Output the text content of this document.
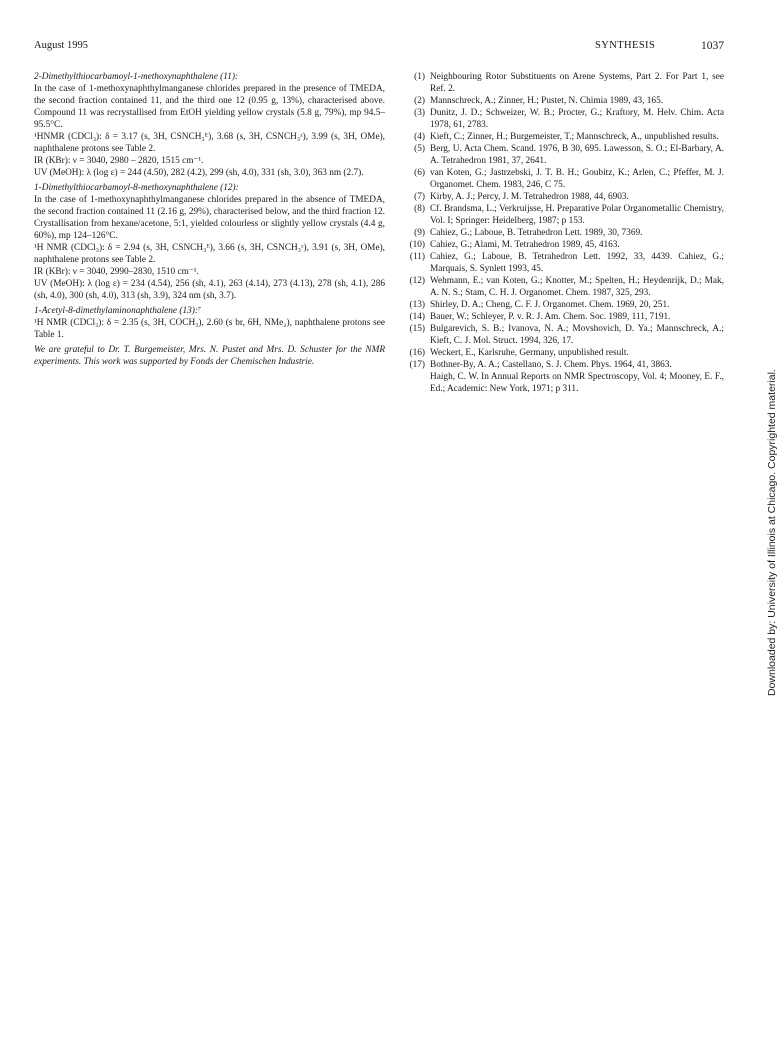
August 1995	SYNTHESIS	1037

2-Dimethylthiocarbamoyl-1-methoxynaphthalene (11):

In the case of 1-methoxynaphthylmanganese chlorides prepared in the presence of TMEDA, the second fraction contained 11, and the third one 12 (0.95 g, 13%), characterised above. Compound 11 was recrystallised from EtOH yielding yellow crystals (5.8 g, 79%), mp 94.5–95.5°C.

¹HNMR (CDCl₃): δ = 3.17 (s, 3H, CSNCH₃ᴱ), 3.68 (s, 3H, CSNCH₃ᶻ), 3.99 (s, 3H, OMe), naphthalene protons see Table 2.

IR (KBr): ν = 3040, 2980 – 2820, 1515 cm⁻¹.

UV (MeOH): λ (log ε) = 244 (4.50), 282 (4.2), 299 (sh, 4.0), 331 (sh, 3.0), 363 nm (2.7).

1-Dimethylthiocarbamoyl-8-methoxynaphthalene (12):

In the case of 1-methoxynaphthylmanganese chlorides prepared in the absence of TMEDA, the second fraction contained 11 (2.16 g, 29%), characterised below, and the third fraction 12. Crystallisation from hexane/acetone, 5:1, yielded colourless or slightly yellow crystals (4.4 g, 60%), mp 124–126°C.

¹H NMR (CDCl₃): δ = 2.94 (s, 3H, CSNCH₃ᴱ), 3.66 (s, 3H, CSNCH₃ᶻ), 3.91 (s, 3H, OMe), naphthalene protons see Table 2.

IR (KBr): ν = 3040, 2990–2830, 1510 cm⁻¹.

UV (MeOH): λ (log ε) = 234 (4.54), 256 (sh, 4.1), 263 (4.14), 273 (4.13), 278 (sh, 4.1), 286 (sh, 4.0), 300 (sh, 4.0), 313 (sh, 3.9), 324 nm (sh, 3.7).

1-Acetyl-8-dimethylaminonaphthalene (13):⁷

¹H NMR (CDCl₃): δ = 2.35 (s, 3H, COCH₃), 2.60 (s br, 6H, NMe₂), naphthalene protons see Table 1.

We are grateful to Dr. T. Burgemeister, Mrs. N. Pustet and Mrs. D. Schuster for the NMR experiments. This work was supported by Fonds der Chemischen Industrie.

(1) Neighbouring Rotor Substituents on Arene Systems, Part 2. For Part 1, see Ref. 2.
(2) Mannschreck, A.; Zinner, H.; Pustet, N. Chimia 1989, 43, 165.
(3) Dunitz, J. D.; Schweizer, W. B.; Procter, G.; Kraftory, M. Helv. Chim. Acta 1978, 61, 2783.
(4) Kieft, C.; Zinner, H.; Burgemeister, T.; Mannschreck, A., unpublished results.
(5) Berg, U. Acta Chem. Scand. 1976, B 30, 695. Lawesson, S. O.; El-Barbary, A. A. Tetrahedron 1981, 37, 2641.
(6) van Koten, G.; Jastrzebski, J. T. B. H.; Goubitz, K.; Arlen, C.; Pfeffer, M. J. Organomet. Chem. 1983, 246, C 75.
(7) Kirby, A. J.; Percy, J. M. Tetrahedron 1988, 44, 6903.
(8) Cf. Brandsma, L.; Verkruijsse, H. Preparative Polar Organometallic Chemistry, Vol. I; Springer: Heidelberg, 1987; p 153.
(9) Cahiez, G.; Laboue, B. Tetrahedron Lett. 1989, 30, 7369.
(10) Cahiez, G.; Alami, M. Tetrahedron 1989, 45, 4163.
(11) Cahiez, G.; Laboue, B. Tetrahedron Lett. 1992, 33, 4439. Cahiez, G.; Marquais, S. Synlett 1993, 45.
(12) Wehmann, E.; van Koten, G.; Knotter, M.; Spelten, H.; Heydenrijk, D.; Mak, A. N. S.; Stam, C. H. J. Organomet. Chem. 1987, 325, 293.
(13) Shirley, D. A.; Cheng, C. F. J. Organomet. Chem. 1969, 20, 251.
(14) Bauer, W.; Schleyer, P. v. R. J. Am. Chem. Soc. 1989, 111, 7191.
(15) Bulgarevich, S. B.; Ivanova, N. A.; Movshovich, D. Ya.; Mannschreck, A.; Kieft, C. J. Mol. Struct. 1994, 326, 17.
(16) Weckert, E., Karlsruhe, Germany, unpublished result.
(17) Bothner-By, A. A.; Castellano, S. J. Chem. Phys. 1964, 41, 3863.
Haigh, C. W. In Annual Reports on NMR Spectroscopy, Vol. 4; Mooney, E. F., Ed.; Academic: New York, 1971; p 311.	Downloaded by: University of Illinois at Chicago. Copyrighted material.
